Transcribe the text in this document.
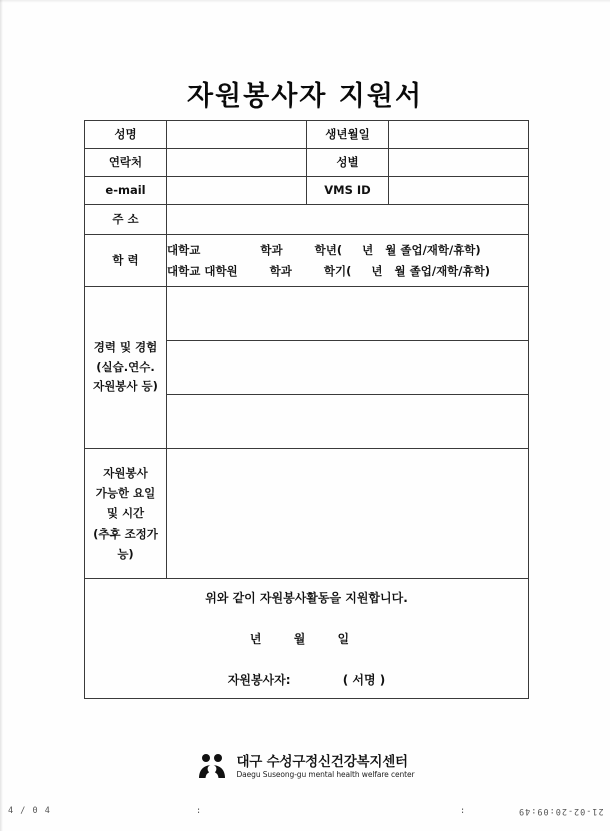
자원봉사자 지원서
성명		생년월일	
연락처		성별	
e-mail		VMS ID	
주 소			
학 력	대학교               학과        학년(     년   월 졸업/재학/휴학)
대학교 대학원        학과        학기(     년   월 졸업/재학/휴학)		

경력 및 경험
(실습.연수.
자원봉사 등)			

자원봉사
가능한 요일
및 시간
(추후 조정가능)			

위와 같이 자원봉사활동을 지원합니다.
년 월 일
자원봉사자: ( 서명 )			
대구 수성구정신건강복지센터
Daegu Suseong-gu mental health welfare center
4 / 0 4	:	:	21-02-20:09:49
